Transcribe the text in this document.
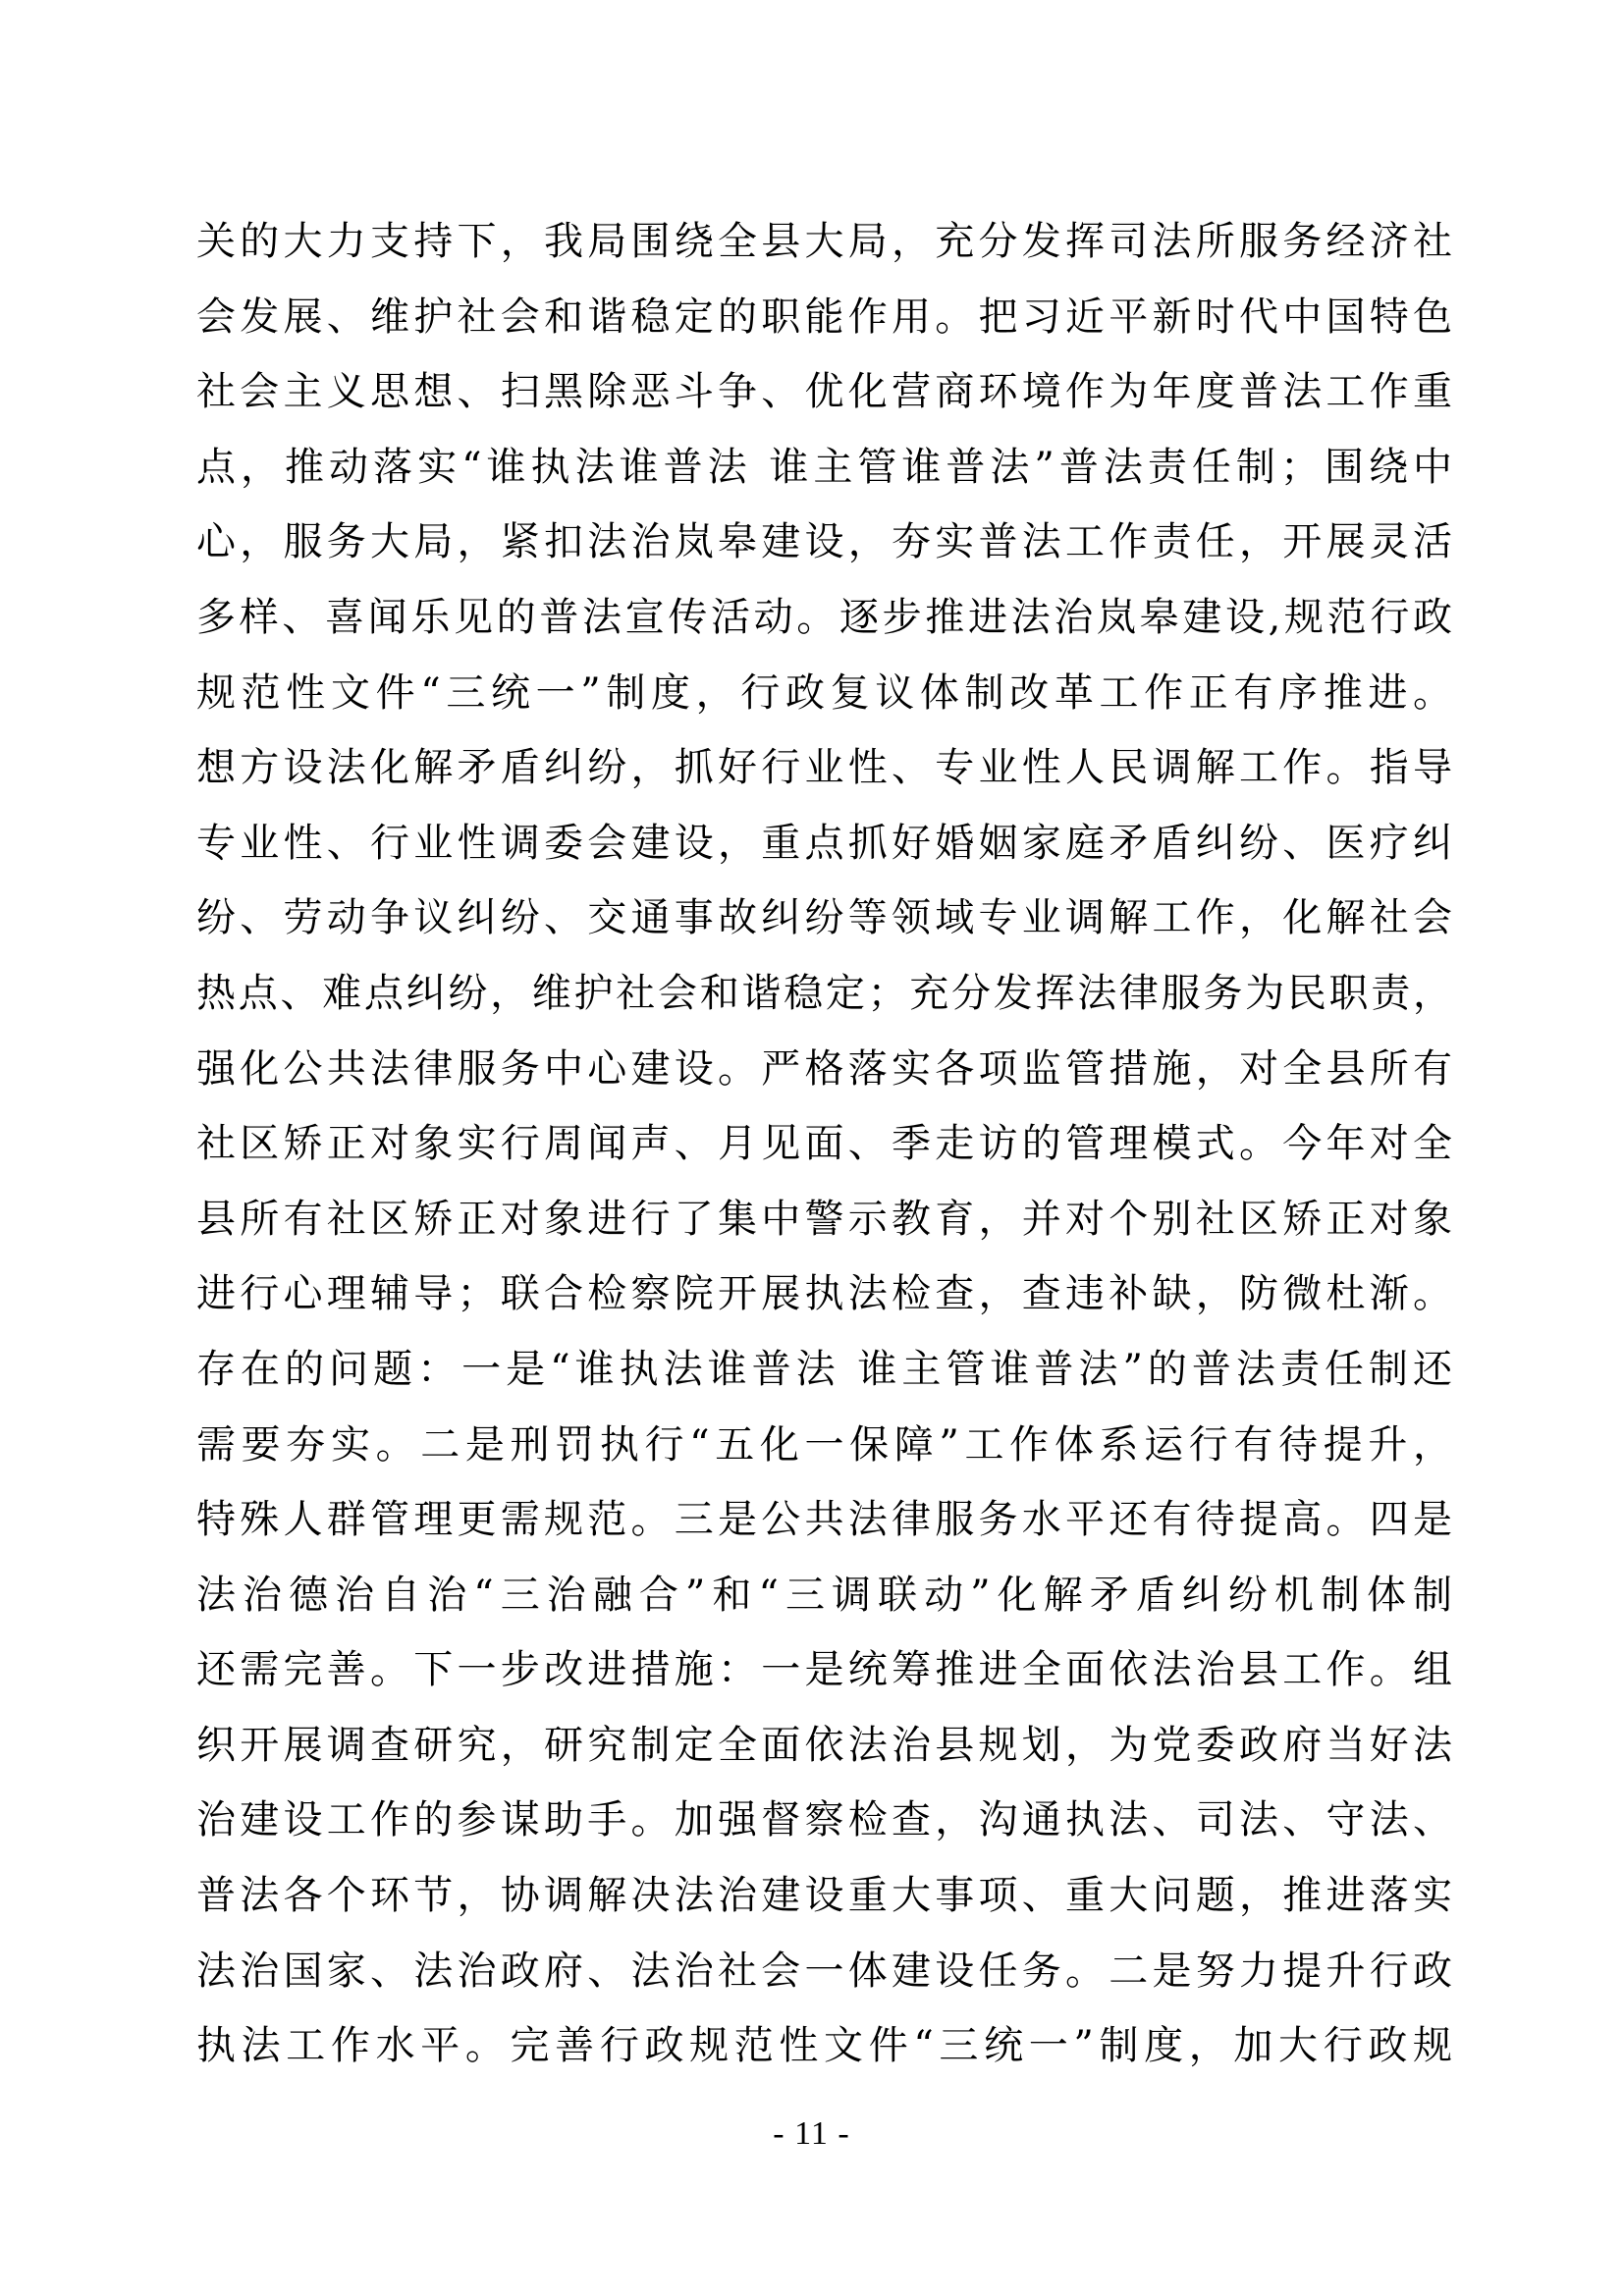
关的大力支持下，我局围绕全县大局，充分发挥司法所服务经济社
会发展、维护社会和谐稳定的职能作用。把习近平新时代中国特色
社会主义思想、扫黑除恶斗争、优化营商环境作为年度普法工作重
点，推动落实“谁执法谁普法 谁主管谁普法”普法责任制；围绕中
心，服务大局，紧扣法治岚皋建设，夯实普法工作责任，开展灵活
多样、喜闻乐见的普法宣传活动。逐步推进法治岚皋建设,规范行政
规范性文件“三统一”制度，行政复议体制改革工作正有序推进。
想方设法化解矛盾纠纷，抓好行业性、专业性人民调解工作。指导
专业性、行业性调委会建设，重点抓好婚姻家庭矛盾纠纷、医疗纠
纷、劳动争议纠纷、交通事故纠纷等领域专业调解工作，化解社会
热点、难点纠纷，维护社会和谐稳定；充分发挥法律服务为民职责，
强化公共法律服务中心建设。严格落实各项监管措施，对全县所有
社区矫正对象实行周闻声、月见面、季走访的管理模式。今年对全
县所有社区矫正对象进行了集中警示教育，并对个别社区矫正对象
进行心理辅导；联合检察院开展执法检查，查违补缺，防微杜渐。
存在的问题：一是“谁执法谁普法 谁主管谁普法”的普法责任制还
需要夯实。二是刑罚执行“五化一保障”工作体系运行有待提升，
特殊人群管理更需规范。三是公共法律服务水平还有待提高。四是
法治德治自治“三治融合”和“三调联动”化解矛盾纠纷机制体制
还需完善。下一步改进措施：一是统筹推进全面依法治县工作。组
织开展调查研究，研究制定全面依法治县规划，为党委政府当好法
治建设工作的参谋助手。加强督察检查，沟通执法、司法、守法、
普法各个环节，协调解决法治建设重大事项、重大问题，推进落实
法治国家、法治政府、法治社会一体建设任务。二是努力提升行政
执法工作水平。完善行政规范性文件“三统一”制度，加大行政规
- 11 -
